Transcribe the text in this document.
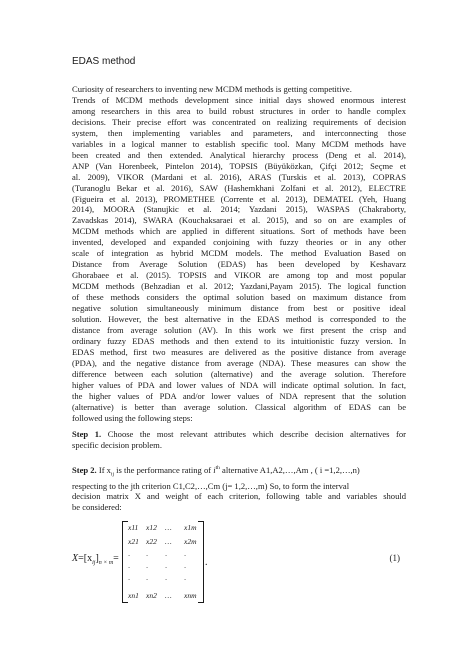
EDAS method
Curiosity of researchers to inventing new MCDM methods is getting competitive.
Trends of MCDM methods development since initial days showed enormous interest
among researchers in this area to build robust structures in order to handle complex
decisions. Their precise effort was concentrated on realizing requirements of decision
system, then implementing variables and parameters, and interconnecting those
variables in a logical manner to establish specific tool. Many MCDM methods have
been created and then extended. Analytical hierarchy process (Deng et al. 2014),
ANP (Van Horenbeek, Pintelon 2014), TOPSIS (Büyüközkan, Çifçi 2012; Seçme et
al. 2009), VIKOR (Mardani et al. 2016), ARAS (Turskis et al. 2013), COPRAS
(Turanoglu Bekar et al. 2016), SAW (Hashemkhani Zolfani et al. 2012), ELECTRE
(Figueira et al. 2013), PROMETHEE (Corrente et al. 2013), DEMATEL (Yeh, Huang
2014), MOORA (Stanujkic et al. 2014; Yazdani 2015), WASPAS (Chakraborty,
Zavadskas 2014), SWARA (Kouchaksaraei et al. 2015), and so on are examples of
MCDM methods which are applied in different situations. Sort of methods have been
invented, developed and expanded conjoining with fuzzy theories or in any other
scale of integration as hybrid MCDM models. The method Evaluation Based on
Distance from Average Solution (EDAS) has been developed by Keshavarz
Ghorabaee et al. (2015). TOPSIS and VIKOR are among top and most popular
MCDM methods (Behzadian et al. 2012; Yazdani,Payam 2015). The logical function
of these methods considers the optimal solution based on maximum distance from
negative solution simultaneously minimum distance from best or positive ideal
solution. However, the best alternative in the EDAS method is corresponded to the
distance from average solution (AV). In this work we first present the crisp and
ordinary fuzzy EDAS methods and then extend to its intuitionistic fuzzy version. In
EDAS method, first two measures are delivered as the positive distance from average
(PDA), and the negative distance from average (NDA). These measures can show the
difference between each solution (alternative) and the average solution. Therefore
higher values of PDA and lower values of NDA will indicate optimal solution. In fact,
the higher values of PDA and/or lower values of NDA represent that the solution
(alternative) is better than average solution. Classical algorithm of EDAS can be
followed using the following steps:
Step 1. Choose the most relevant attributes which describe decision alternatives for
specific decision problem.
Step 2. If $x_{ij}$ is the performance rating of $i^{th}$ alternative A1,A2,…,Am , ( i =1,2,…,n)
respecting to the jth criterion C1,C2,…,Cm (j= 1,2,…,m) So, to form the interval
decision matrix X and weight of each criterion, following table and variables should
be considered:
$X=[x_{ij}]_{n \times m}=$
x11 x12 … x1m
x21 x22 … x2m
· · · ·
· · · ·
· · · ·
xn1 xn2 … xnm
.	(1)
